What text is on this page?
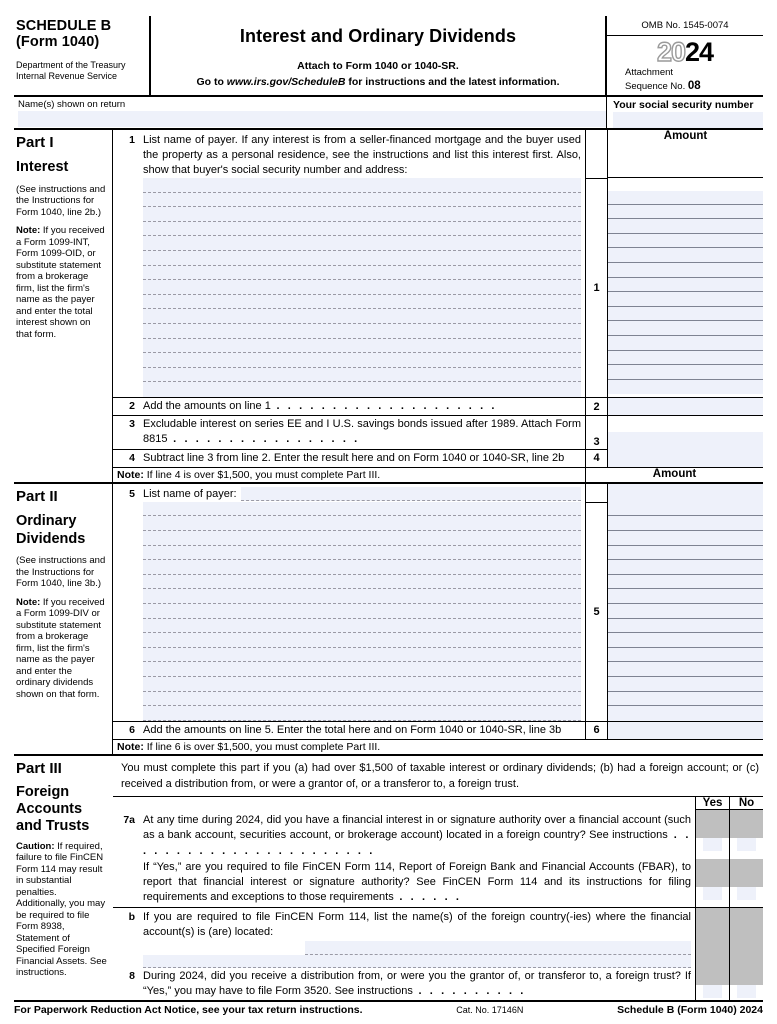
SCHEDULE B
(Form 1040)
Department of the Treasury
Internal Revenue Service
Interest and Ordinary Dividends
Attach to Form 1040 or 1040-SR.
Go to www.irs.gov/ScheduleB for instructions and the latest information.
OMB No. 1545-0074
2024
Attachment
Sequence No. 08
Name(s) shown on return	Your social security number
Part I
Interest
(See instructions and the Instructions for Form 1040, line 2b.)
Note: If you received a Form 1099-INT, Form 1099-OID, or substitute statement from a brokerage firm, list the firm's name as the payer and enter the total interest shown on that form.
1 List name of payer. If any interest is from a seller-financed mortgage and the buyer used the property as a personal residence, see the instructions and list this interest first. Also, show that buyer's social security number and address:
Amount
1
2 Add the amounts on line 1 . . . . . . . . . . . . . . . . . . . .	2
3 Excludable interest on series EE and I U.S. savings bonds issued after 1989. Attach Form 8815 . . . . . . . . . . . . . . . . .	3
4 Subtract line 3 from line 2. Enter the result here and on Form 1040 or 1040-SR, line 2b	4
Note: If line 4 is over $1,500, you must complete Part III.	Amount
Part II
Ordinary
Dividends
(See instructions and the Instructions for Form 1040, line 3b.)
Note: If you received a Form 1099-DIV or substitute statement from a brokerage firm, list the firm's name as the payer and enter the ordinary dividends shown on that form.
5 List name of payer:
5
6 Add the amounts on line 5. Enter the total here and on Form 1040 or 1040-SR, line 3b	6
Note: If line 6 is over $1,500, you must complete Part III.
Part III
Foreign
Accounts
and Trusts
Caution: If required, failure to file FinCEN Form 114 may result in substantial penalties. Additionally, you may be required to file Form 8938, Statement of Specified Foreign Financial Assets. See instructions.
You must complete this part if you (a) had over $1,500 of taxable interest or ordinary dividends; (b) had a foreign account; or (c) received a distribution from, or were a grantor of, or a transferor to, a foreign trust.
Yes	No
7a At any time during 2024, did you have a financial interest in or signature authority over a financial account (such as a bank account, securities account, or brokerage account) located in a foreign country? See instructions . . . . . . . . . . . . . . . . . . . . . . .
If “Yes,” are you required to file FinCEN Form 114, Report of Foreign Bank and Financial Accounts (FBAR), to report that financial interest or signature authority? See FinCEN Form 114 and its instructions for filing requirements and exceptions to those requirements . . . . . .
b If you are required to file FinCEN Form 114, list the name(s) of the foreign country(-ies) where the financial account(s) is (are) located:
8 During 2024, did you receive a distribution from, or were you the grantor of, or transferor to, a foreign trust? If “Yes,” you may have to file Form 3520. See instructions . . . . . . . . . .
For Paperwork Reduction Act Notice, see your tax return instructions.	Cat. No. 17146N	Schedule B (Form 1040) 2024
